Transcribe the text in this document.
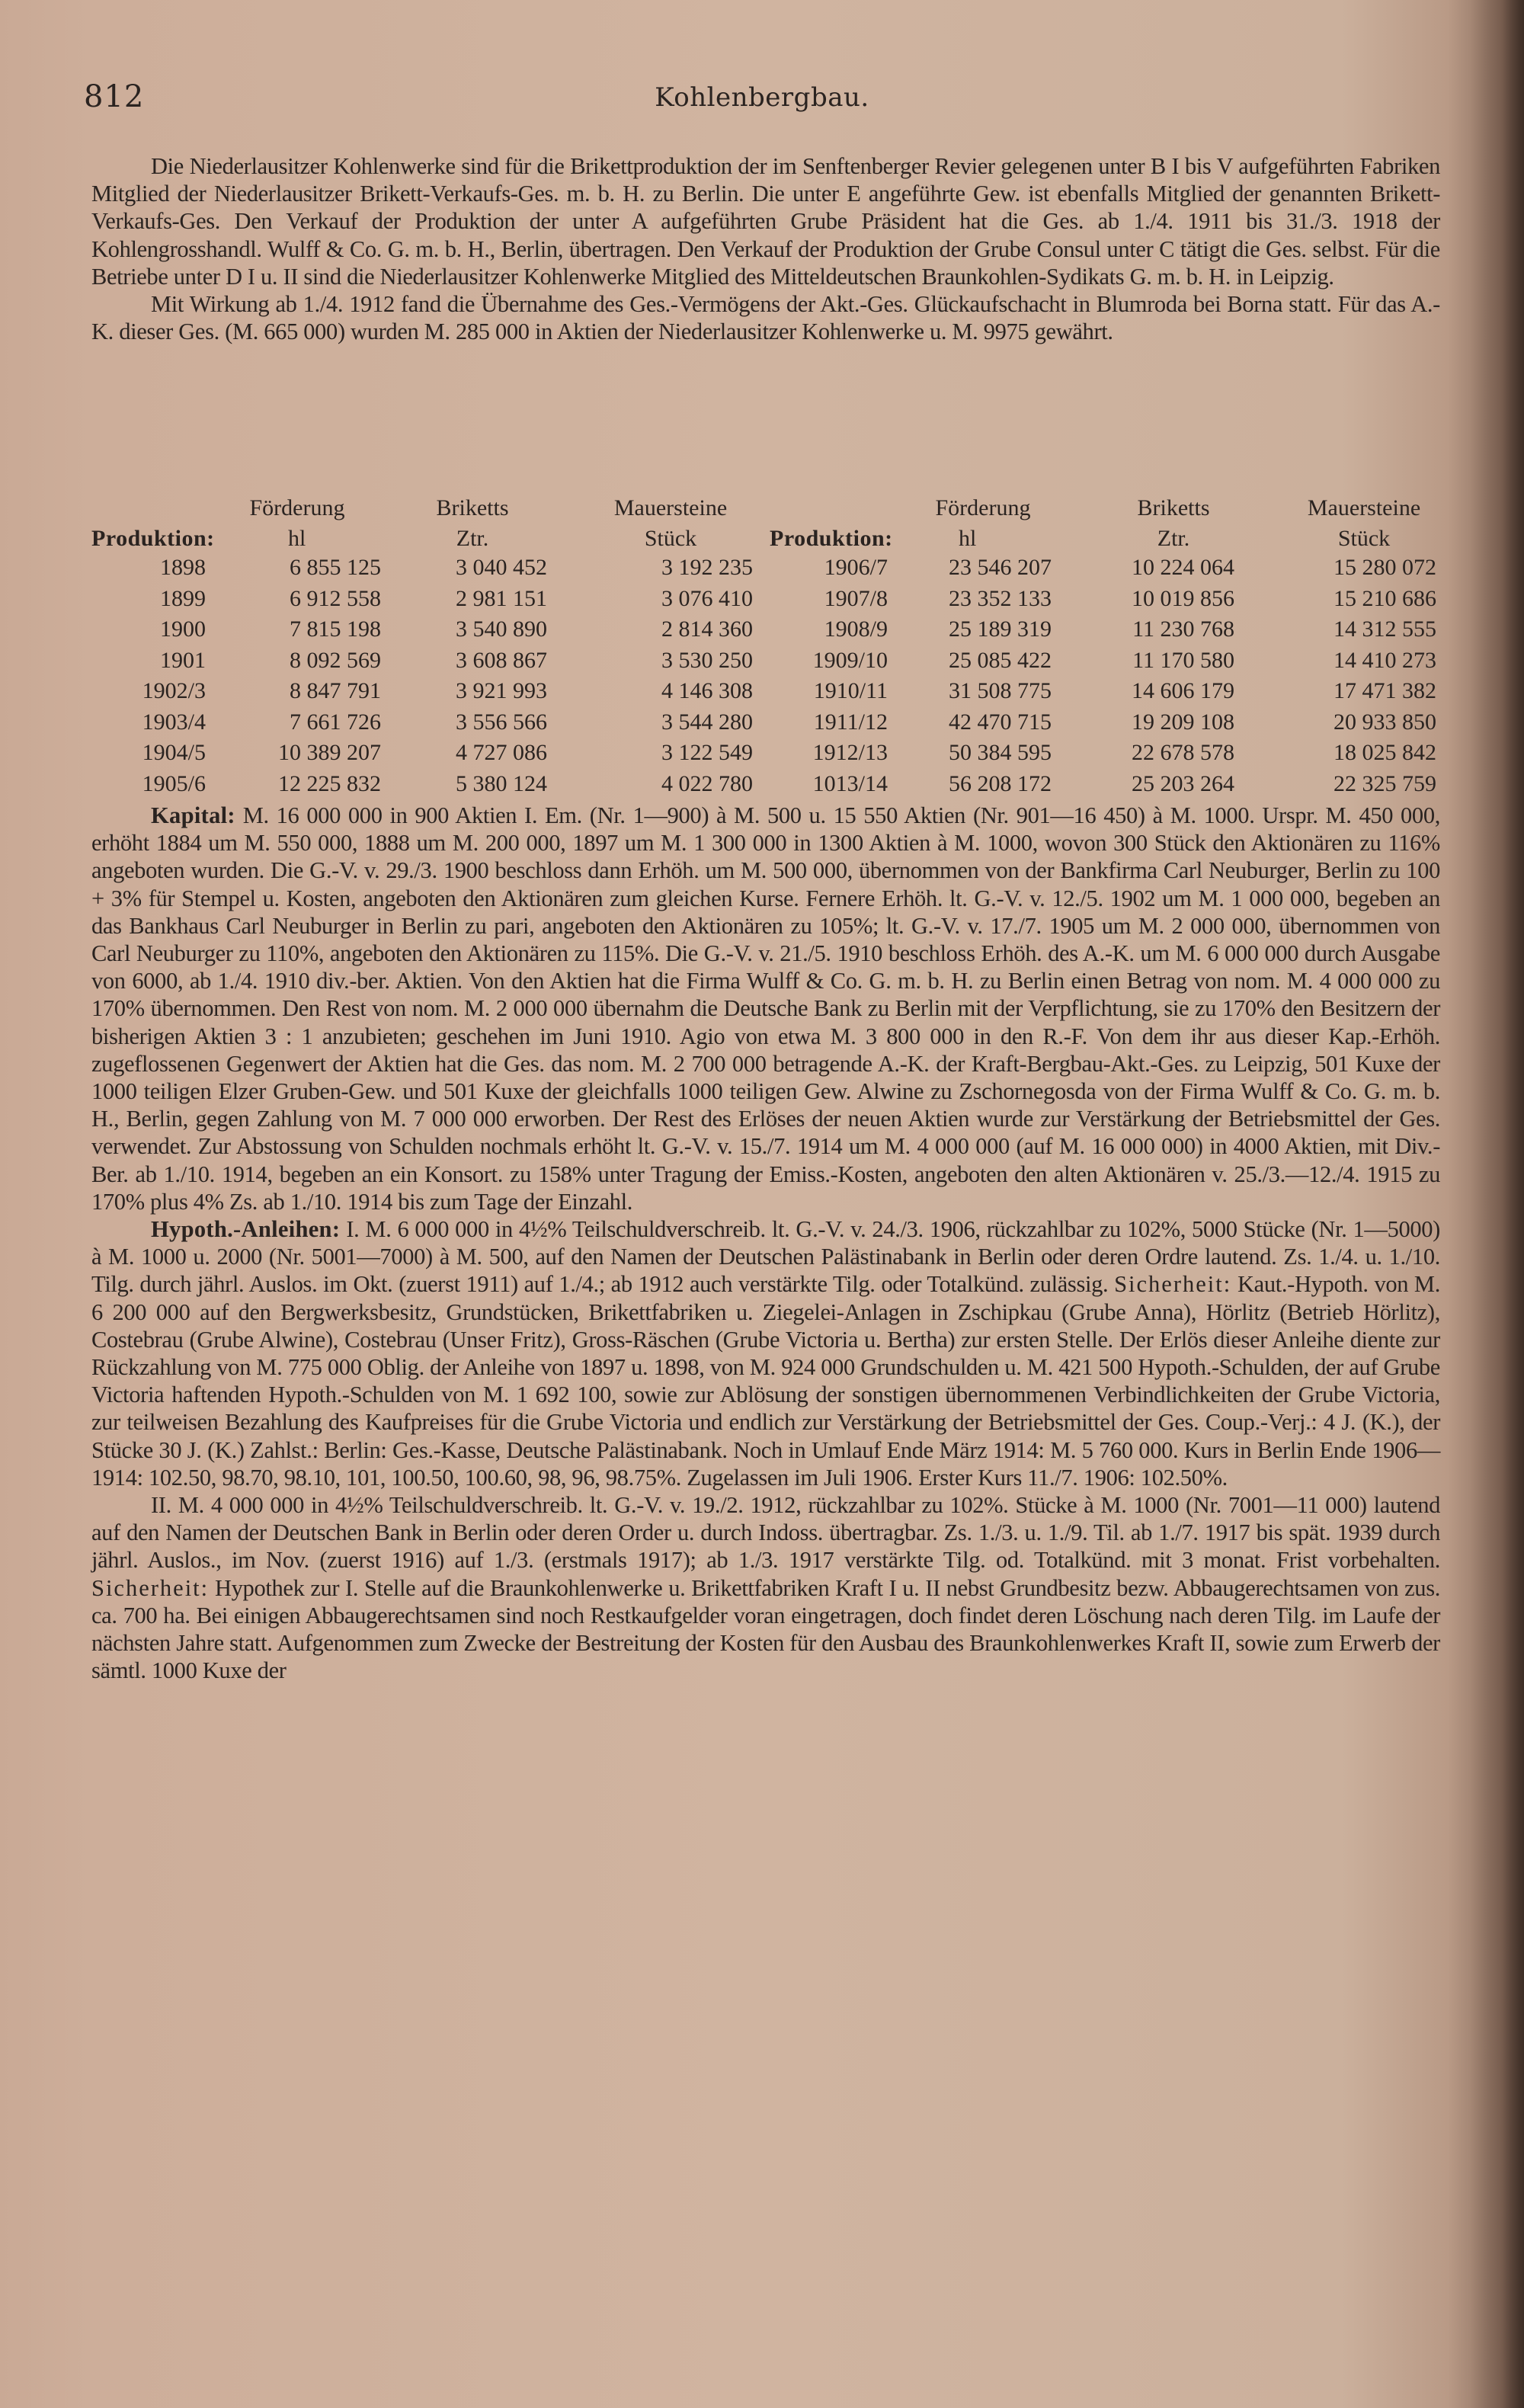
812	Kohlenbergbau.

Die Niederlausitzer Kohlenwerke sind für die Brikettproduktion der im Senftenberger Revier gelegenen unter B I bis V aufgeführten Fabriken Mitglied der Niederlausitzer Brikett-Verkaufs-Ges. m. b. H. zu Berlin. Die unter E angeführte Gew. ist ebenfalls Mitglied der genannten Brikett-Verkaufs-Ges. Den Verkauf der Produktion der unter A aufgeführten Grube Präsident hat die Ges. ab 1./4. 1911 bis 31./3. 1918 der Kohlengrosshandl. Wulff & Co. G. m. b. H., Berlin, übertragen. Den Verkauf der Produktion der Grube Consul unter C tätigt die Ges. selbst. Für die Betriebe unter D I u. II sind die Niederlausitzer Kohlenwerke Mitglied des Mitteldeutschen Braunkohlen-Sydikats G. m. b. H. in Leipzig.

Mit Wirkung ab 1./4. 1912 fand die Übernahme des Ges.-Vermögens der Akt.-Ges. Glückaufschacht in Blumroda bei Borna statt. Für das A.-K. dieser Ges. (M. 665 000) wurden M. 285 000 in Aktien der Niederlausitzer Kohlenwerke u. M. 9975 gewährt.

Förderung	Briketts	Mauersteine
Produktion:	hl	Ztr.	Stück
1898	6 855 125	3 040 452	3 192 235
1899	6 912 558	2 981 151	3 076 410
1900	7 815 198	3 540 890	2 814 360
1901	8 092 569	3 608 867	3 530 250
1902/3	8 847 791	3 921 993	4 146 308
1903/4	7 661 726	3 556 566	3 544 280
1904/5	10 389 207	4 727 086	3 122 549
1905/6	12 225 832	5 380 124	4 022 780
Förderung	Briketts	Mauersteine
Produktion:	hl	Ztr.	Stück
1906/7	23 546 207	10 224 064	15 280 072
1907/8	23 352 133	10 019 856	15 210 686
1908/9	25 189 319	11 230 768	14 312 555
1909/10	25 085 422	11 170 580	14 410 273
1910/11	31 508 775	14 606 179	17 471 382
1911/12	42 470 715	19 209 108	20 933 850
1912/13	50 384 595	22 678 578	18 025 842
1013/14	56 208 172	25 203 264	22 325 759

Kapital: M. 16 000 000 in 900 Aktien I. Em. (Nr. 1—900) à M. 500 u. 15 550 Aktien (Nr. 901—16 450) à M. 1000. Urspr. M. 450 000, erhöht 1884 um M. 550 000, 1888 um M. 200 000, 1897 um M. 1 300 000 in 1300 Aktien à M. 1000, wovon 300 Stück den Aktionären zu 116% angeboten wurden. Die G.-V. v. 29./3. 1900 beschloss dann Erhöh. um M. 500 000, übernommen von der Bankfirma Carl Neuburger, Berlin zu 100 + 3% für Stempel u. Kosten, angeboten den Aktionären zum gleichen Kurse. Fernere Erhöh. lt. G.-V. v. 12./5. 1902 um M. 1 000 000, begeben an das Bankhaus Carl Neuburger in Berlin zu pari, angeboten den Aktionären zu 105%; lt. G.-V. v. 17./7. 1905 um M. 2 000 000, übernommen von Carl Neuburger zu 110%, angeboten den Aktionären zu 115%. Die G.-V. v. 21./5. 1910 beschloss Erhöh. des A.-K. um M. 6 000 000 durch Ausgabe von 6000, ab 1./4. 1910 div.-ber. Aktien. Von den Aktien hat die Firma Wulff & Co. G. m. b. H. zu Berlin einen Betrag von nom. M. 4 000 000 zu 170% übernommen. Den Rest von nom. M. 2 000 000 übernahm die Deutsche Bank zu Berlin mit der Verpflichtung, sie zu 170% den Besitzern der bisherigen Aktien 3 : 1 anzubieten; geschehen im Juni 1910. Agio von etwa M. 3 800 000 in den R.-F. Von dem ihr aus dieser Kap.-Erhöh. zugeflossenen Gegenwert der Aktien hat die Ges. das nom. M. 2 700 000 betragende A.-K. der Kraft-Bergbau-Akt.-Ges. zu Leipzig, 501 Kuxe der 1000 teiligen Elzer Gruben-Gew. und 501 Kuxe der gleichfalls 1000 teiligen Gew. Alwine zu Zschornegosda von der Firma Wulff & Co. G. m. b. H., Berlin, gegen Zahlung von M. 7 000 000 erworben. Der Rest des Erlöses der neuen Aktien wurde zur Verstärkung der Betriebsmittel der Ges. verwendet. Zur Abstossung von Schulden nochmals erhöht lt. G.-V. v. 15./7. 1914 um M. 4 000 000 (auf M. 16 000 000) in 4000 Aktien, mit Div.-Ber. ab 1./10. 1914, begeben an ein Konsort. zu 158% unter Tragung der Emiss.-Kosten, angeboten den alten Aktionären v. 25./3.—12./4. 1915 zu 170% plus 4% Zs. ab 1./10. 1914 bis zum Tage der Einzahl.

Hypoth.-Anleihen: I. M. 6 000 000 in 4½% Teilschuldverschreib. lt. G.-V. v. 24./3. 1906, rückzahlbar zu 102%, 5000 Stücke (Nr. 1—5000) à M. 1000 u. 2000 (Nr. 5001—7000) à M. 500, auf den Namen der Deutschen Palästinabank in Berlin oder deren Ordre lautend. Zs. 1./4. u. 1./10. Tilg. durch jährl. Auslos. im Okt. (zuerst 1911) auf 1./4.; ab 1912 auch verstärkte Tilg. oder Totalkünd. zulässig. Sicherheit: Kaut.-Hypoth. von M. 6 200 000 auf den Bergwerksbesitz, Grundstücken, Brikettfabriken u. Ziegelei-Anlagen in Zschipkau (Grube Anna), Hörlitz (Betrieb Hörlitz), Costebrau (Grube Alwine), Costebrau (Unser Fritz), Gross-Räschen (Grube Victoria u. Bertha) zur ersten Stelle. Der Erlös dieser Anleihe diente zur Rückzahlung von M. 775 000 Oblig. der Anleihe von 1897 u. 1898, von M. 924 000 Grundschulden u. M. 421 500 Hypoth.-Schulden, der auf Grube Victoria haftenden Hypoth.-Schulden von M. 1 692 100, sowie zur Ablösung der sonstigen übernommenen Verbindlichkeiten der Grube Victoria, zur teilweisen Bezahlung des Kaufpreises für die Grube Victoria und endlich zur Verstärkung der Betriebsmittel der Ges. Coup.-Verj.: 4 J. (K.), der Stücke 30 J. (K.) Zahlst.: Berlin: Ges.-Kasse, Deutsche Palästinabank. Noch in Umlauf Ende März 1914: M. 5 760 000. Kurs in Berlin Ende 1906—1914: 102.50, 98.70, 98.10, 101, 100.50, 100.60, 98, 96, 98.75%. Zugelassen im Juli 1906. Erster Kurs 11./7. 1906: 102.50%.

II. M. 4 000 000 in 4½% Teilschuldverschreib. lt. G.-V. v. 19./2. 1912, rückzahlbar zu 102%. Stücke à M. 1000 (Nr. 7001—11 000) lautend auf den Namen der Deutschen Bank in Berlin oder deren Order u. durch Indoss. übertragbar. Zs. 1./3. u. 1./9. Til. ab 1./7. 1917 bis spät. 1939 durch jährl. Auslos., im Nov. (zuerst 1916) auf 1./3. (erstmals 1917); ab 1./3. 1917 verstärkte Tilg. od. Totalkünd. mit 3 monat. Frist vorbehalten. Sicherheit: Hypothek zur I. Stelle auf die Braunkohlenwerke u. Brikettfabriken Kraft I u. II nebst Grundbesitz bezw. Abbaugerechtsamen von zus. ca. 700 ha. Bei einigen Abbaugerechtsamen sind noch Restkaufgelder voran eingetragen, doch findet deren Löschung nach deren Tilg. im Laufe der nächsten Jahre statt. Aufgenommen zum Zwecke der Bestreitung der Kosten für den Ausbau des Braunkohlenwerkes Kraft II, sowie zum Erwerb der sämtl. 1000 Kuxe der
